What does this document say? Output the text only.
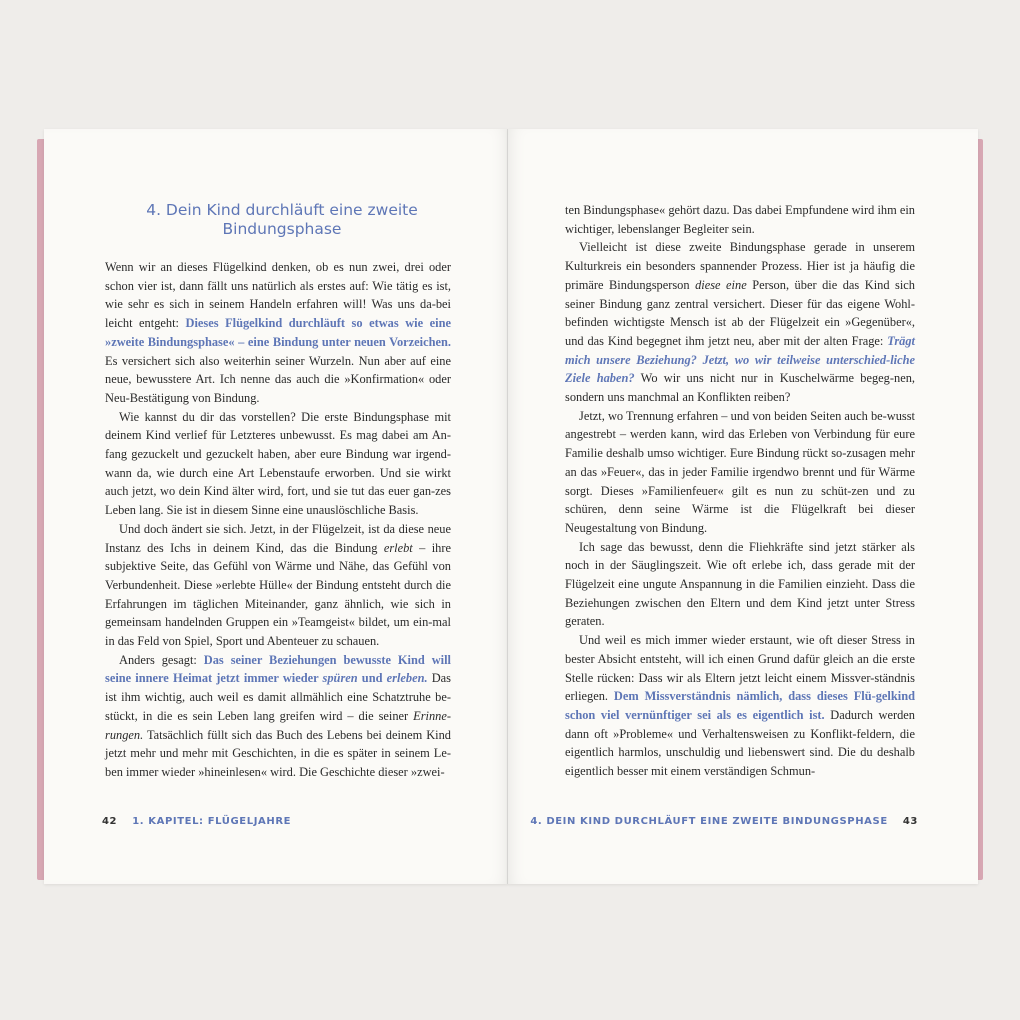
4. Dein Kind durchläuft eine zweite Bindungsphase

Wenn wir an dieses Flügelkind denken, ob es nun zwei, drei oder schon vier ist, dann fällt uns natürlich als erstes auf: Wie tätig es ist, wie sehr es sich in seinem Handeln erfahren will! Was uns da-bei leicht entgeht: Dieses Flügelkind durchläuft so etwas wie eine »zweite Bindungsphase« – eine Bindung unter neuen Vorzeichen. Es versichert sich also weiterhin seiner Wurzeln. Nun aber auf eine neue, bewusstere Art. Ich nenne das auch die »Konfirmation« oder Neu-Bestätigung von Bindung.

Wie kannst du dir das vorstellen? Die erste Bindungsphase mit deinem Kind verlief für Letzteres unbewusst. Es mag dabei am An-fang gezuckelt und gezuckelt haben, aber eure Bindung war irgend-wann da, wie durch eine Art Lebenstaufe erworben. Und sie wirkt auch jetzt, wo dein Kind älter wird, fort, und sie tut das euer gan-zes Leben lang. Sie ist in diesem Sinne eine unauslöschliche Basis.

Und doch ändert sie sich. Jetzt, in der Flügelzeit, ist da diese neue Instanz des Ichs in deinem Kind, das die Bindung erlebt – ihre subjektive Seite, das Gefühl von Wärme und Nähe, das Gefühl von Verbundenheit. Diese »erlebte Hülle« der Bindung entsteht durch die Erfahrungen im täglichen Miteinander, ganz ähnlich, wie sich in gemeinsam handelnden Gruppen ein »Teamgeist« bildet, um ein-mal in das Feld von Spiel, Sport und Abenteuer zu schauen.

Anders gesagt: Das seiner Beziehungen bewusste Kind will seine innere Heimat jetzt immer wieder spüren und erleben. Das ist ihm wichtig, auch weil es damit allmählich eine Schatztruhe be-stückt, in die es sein Leben lang greifen wird – die seiner Erinne-rungen. Tatsächlich füllt sich das Buch des Lebens bei deinem Kind jetzt mehr und mehr mit Geschichten, in die es später in seinem Le-ben immer wieder »hineinlesen« wird. Die Geschichte dieser »zwei-

42 1. KAPITEL: FLÜGELJAHRE

ten Bindungsphase« gehört dazu. Das dabei Empfundene wird ihm ein wichtiger, lebenslanger Begleiter sein.

Vielleicht ist diese zweite Bindungsphase gerade in unserem Kulturkreis ein besonders spannender Prozess. Hier ist ja häufig die primäre Bindungsperson diese eine Person, über die das Kind sich seiner Bindung ganz zentral versichert. Dieser für das eigene Wohl-befinden wichtigste Mensch ist ab der Flügelzeit ein »Gegenüber«, und das Kind begegnet ihm jetzt neu, aber mit der alten Frage: Trägt mich unsere Beziehung? Jetzt, wo wir teilweise unterschied-liche Ziele haben? Wo wir uns nicht nur in Kuschelwärme begeg-nen, sondern uns manchmal an Konflikten reiben?

Jetzt, wo Trennung erfahren – und von beiden Seiten auch be-wusst angestrebt – werden kann, wird das Erleben von Verbindung für eure Familie deshalb umso wichtiger. Eure Bindung rückt so-zusagen mehr an das »Feuer«, das in jeder Familie irgendwo brennt und für Wärme sorgt. Dieses »Familienfeuer« gilt es nun zu schüt-zen und zu schüren, denn seine Wärme ist die Flügelkraft bei dieser Neugestaltung von Bindung.

Ich sage das bewusst, denn die Fliehkräfte sind jetzt stärker als noch in der Säuglingszeit. Wie oft erlebe ich, dass gerade mit der Flügelzeit eine ungute Anspannung in die Familien einzieht. Dass die Beziehungen zwischen den Eltern und dem Kind jetzt unter Stress geraten.

Und weil es mich immer wieder erstaunt, wie oft dieser Stress in bester Absicht entsteht, will ich einen Grund dafür gleich an die erste Stelle rücken: Dass wir als Eltern jetzt leicht einem Missver-ständnis erliegen. Dem Missverständnis nämlich, dass dieses Flü-gelkind schon viel vernünftiger sei als es eigentlich ist. Dadurch werden dann oft »Probleme« und Verhaltensweisen zu Konflikt-feldern, die eigentlich harmlos, unschuldig und liebenswert sind. Die du deshalb eigentlich besser mit einem verständigen Schmun-

4. DEIN KIND DURCHLÄUFT EINE ZWEITE BINDUNGSPHASE 43
